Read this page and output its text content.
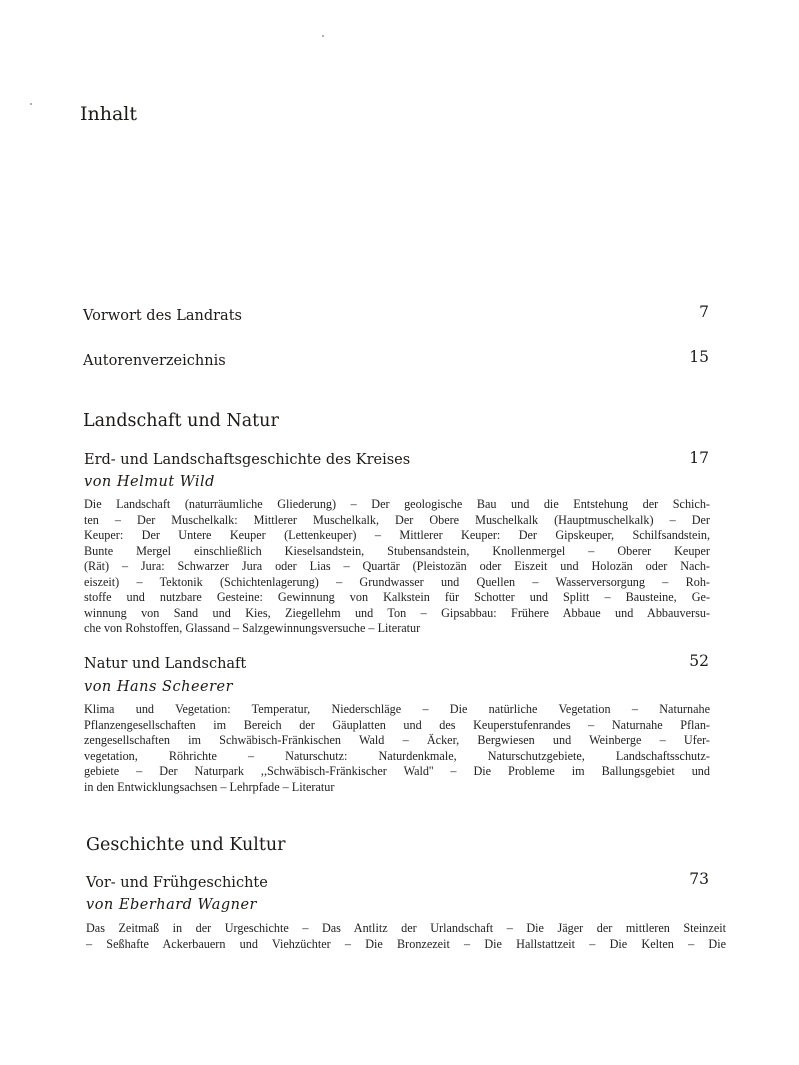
Inhalt
Vorwort des Landrats	7
Autorenverzeichnis	15
Landschaft und Natur
Erd- und Landschaftsgeschichte des Kreises	17
von Helmut Wild
Die Landschaft (naturräumliche Gliederung) – Der geologische Bau und die Entstehung der Schich-
ten – Der Muschelkalk: Mittlerer Muschelkalk, Der Obere Muschelkalk (Hauptmuschelkalk) – Der
Keuper: Der Untere Keuper (Lettenkeuper) – Mittlerer Keuper: Der Gipskeuper, Schilfsandstein,
Bunte Mergel einschließlich Kieselsandstein, Stubensandstein, Knollenmergel – Oberer Keuper
(Rät) – Jura: Schwarzer Jura oder Lias – Quartär (Pleistozän oder Eiszeit und Holozän oder Nach-
eiszeit) – Tektonik (Schichtenlagerung) – Grundwasser und Quellen – Wasserversorgung – Roh-
stoffe und nutzbare Gesteine: Gewinnung von Kalkstein für Schotter und Splitt – Bausteine, Ge-
winnung von Sand und Kies, Ziegellehm und Ton – Gipsabbau: Frühere Abbaue und Abbauversu-
che von Rohstoffen, Glassand – Salzgewinnungsversuche – Literatur
Natur und Landschaft	52
von Hans Scheerer
Klima und Vegetation: Temperatur, Niederschläge – Die natürliche Vegetation – Naturnahe
Pflanzengesellschaften im Bereich der Gäuplatten und des Keuperstufenrandes – Naturnahe Pflan-
zengesellschaften im Schwäbisch-Fränkischen Wald – Äcker, Bergwiesen und Weinberge – Ufer-
vegetation, Röhrichte – Naturschutz: Naturdenkmale, Naturschutzgebiete, Landschaftsschutz-
gebiete – Der Naturpark ,,Schwäbisch-Fränkischer Wald'' – Die Probleme im Ballungsgebiet und
in den Entwicklungsachsen – Lehrpfade – Literatur
Geschichte und Kultur
Vor- und Frühgeschichte	73
von Eberhard Wagner
Das Zeitmaß in der Urgeschichte – Das Antlitz der Urlandschaft – Die Jäger der mittleren Steinzeit
– Seßhafte Ackerbauern und Viehzüchter – Die Bronzezeit – Die Hallstattzeit – Die Kelten – Die
